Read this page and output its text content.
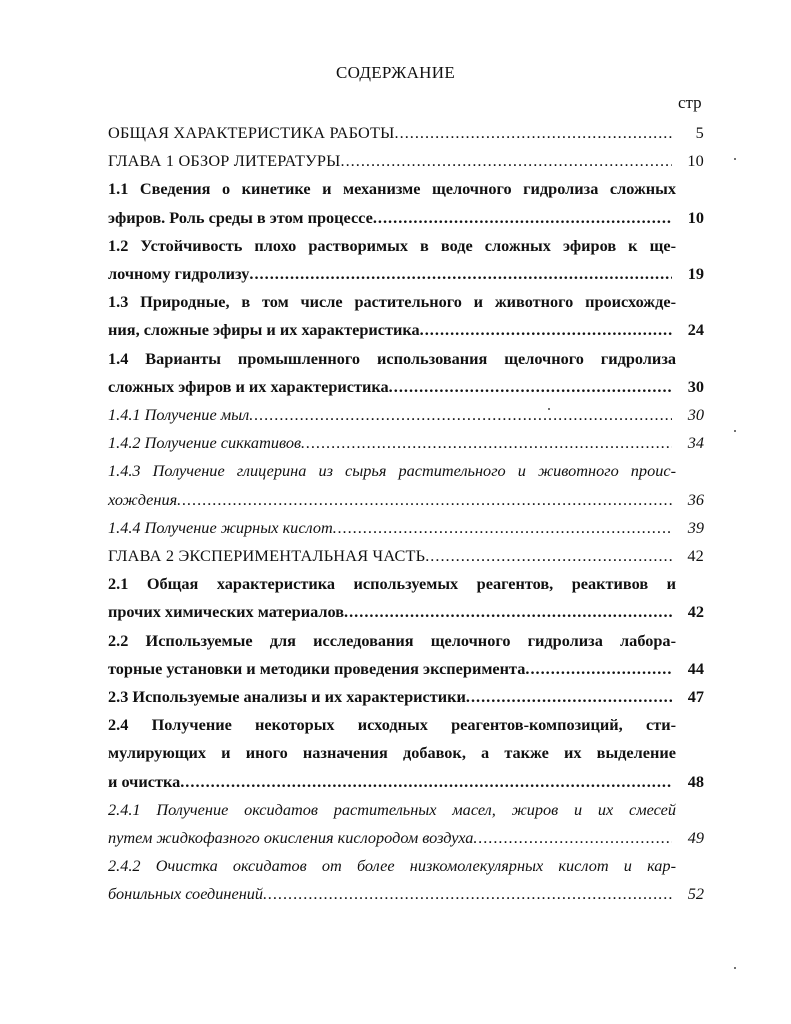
СОДЕРЖАНИЕ
стр
ОБЩАЯ ХАРАКТЕРИСТИКА РАБОТЫ .....	5
ГЛАВА 1 ОБЗОР ЛИТЕРАТУРЫ .....	10
1.1 Сведения о кинетике и механизме щелочного гидролиза сложных
эфиров. Роль среды в этом процессе .....	10
1.2 Устойчивость плохо растворимых в воде сложных эфиров к ще-
лочному гидролизу .....	19
1.3 Природные, в том числе растительного и животного происхожде-
ния, сложные эфиры и их характеристика .....	24
1.4 Варианты промышленного использования щелочного гидролиза
сложных эфиров и их характеристика .....	30
1.4.1 Получение мыл .....	30
1.4.2 Получение сиккативов .....	34
1.4.3 Получение глицерина из сырья растительного и животного проис-
хождения .....	36
1.4.4 Получение жирных кислот .....	39
ГЛАВА 2 ЭКСПЕРИМЕНТАЛЬНАЯ ЧАСТЬ .....	42
2.1 Общая характеристика используемых реагентов, реактивов и
прочих химических материалов .....	42
2.2 Используемые для исследования щелочного гидролиза лабора-
торные установки и методики проведения эксперимента .....	44
2.3 Используемые анализы и их характеристики .....	47
2.4 Получение некоторых исходных реагентов-композиций, сти-
мулирующих и иного назначения добавок, а также их выделение
и очистка .....	48
2.4.1 Получение оксидатов растительных масел, жиров и их смесей
путем жидкофазного окисления кислородом воздуха .....	49
2.4.2 Очистка оксидатов от более низкомолекулярных кислот и кар-
бонильных соединений .....	52
